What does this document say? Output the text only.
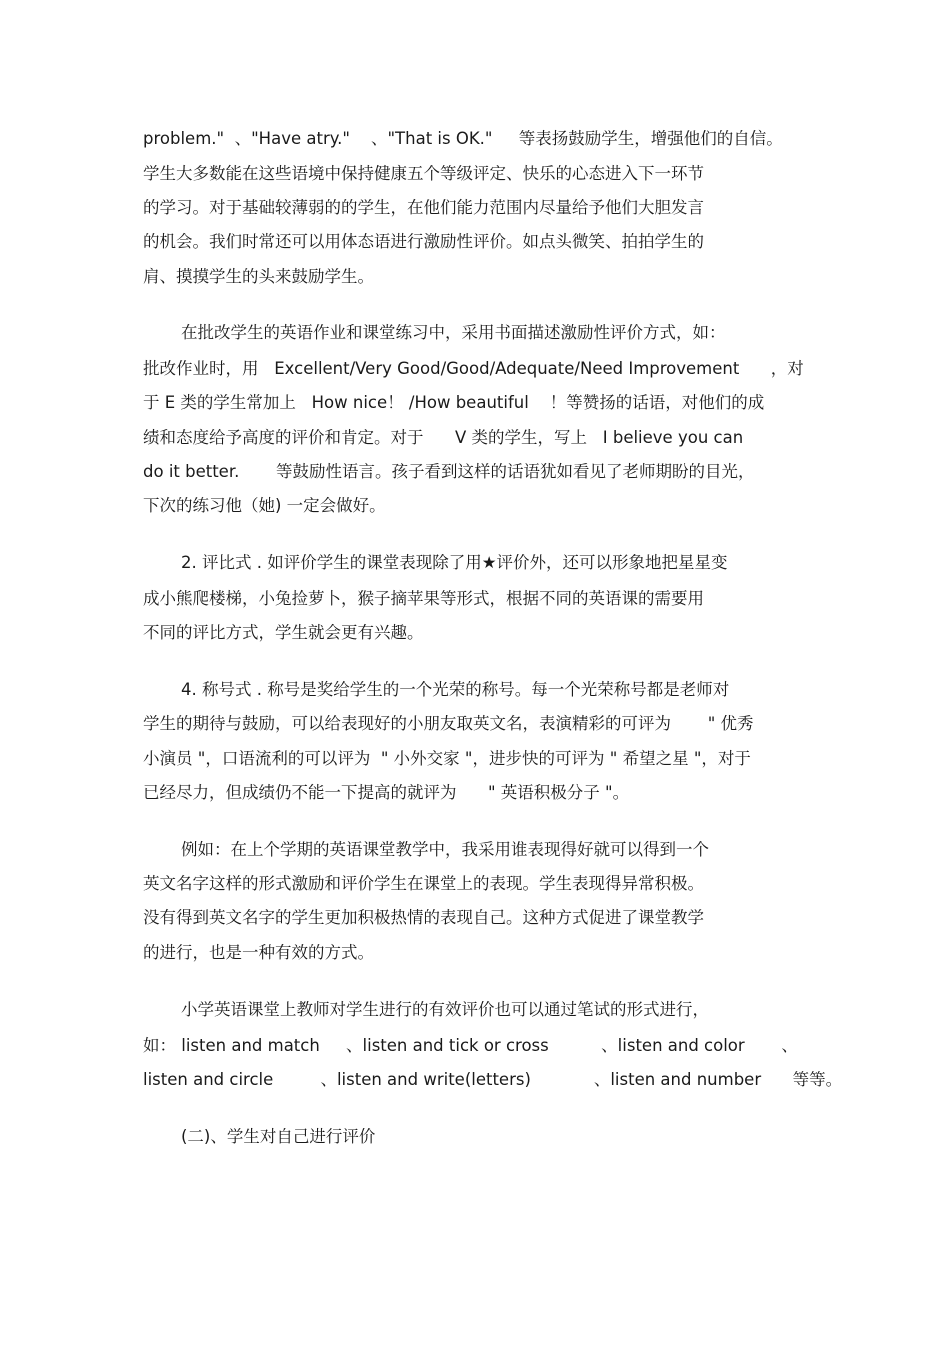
problem."  、"Have atry."    、"That is OK."     等表扬鼓励学生，增强他们的自信。
学生大多数能在这些语境中保持健康五个等级评定、快乐的心态进入下一环节
的学习。对于基础较薄弱的的学生，在他们能力范围内尽量给予他们大胆发言
的机会。我们时常还可以用体态语进行激励性评价。如点头微笑、拍拍学生的
肩、摸摸学生的头来鼓励学生。
在批改学生的英语作业和课堂练习中，采用书面描述激励性评价方式，如：
批改作业时，用   Excellent/Very Good/Good/Adequate/Need Improvement      ，对
于 E 类的学生常加上   How nice！ /How beautiful    ！等赞扬的话语，对他们的成
绩和态度给予高度的评价和肯定。对于      V 类的学生，写上   I believe you can
do it better.       等鼓励性语言。孩子看到这样的话语犹如看见了老师期盼的目光，
下次的练习他（她) 一定会做好。
2. 评比式 . 如评价学生的课堂表现除了用★评价外，还可以形象地把星星变
成小熊爬楼梯，小兔捡萝卜，猴子摘苹果等形式，根据不同的英语课的需要用
不同的评比方式，学生就会更有兴趣。
4. 称号式 . 称号是奖给学生的一个光荣的称号。每一个光荣称号都是老师对
学生的期待与鼓励，可以给表现好的小朋友取英文名，表演精彩的可评为       " 优秀
小演员 "，口语流利的可以评为  " 小外交家 "，进步快的可评为 " 希望之星 "，对于
已经尽力，但成绩仍不能一下提高的就评为      " 英语积极分子 "。
例如：在上个学期的英语课堂教学中，我采用谁表现得好就可以得到一个
英文名字这样的形式激励和评价学生在课堂上的表现。学生表现得异常积极。
没有得到英文名字的学生更加积极热情的表现自己。这种方式促进了课堂教学
的进行，也是一种有效的方式。
小学英语课堂上教师对学生进行的有效评价也可以通过笔试的形式进行，
如： listen and match     、listen and tick or cross          、listen and color       、
listen and circle         、listen and write(letters)            、listen and number      等等。
(二)、学生对自己进行评价
